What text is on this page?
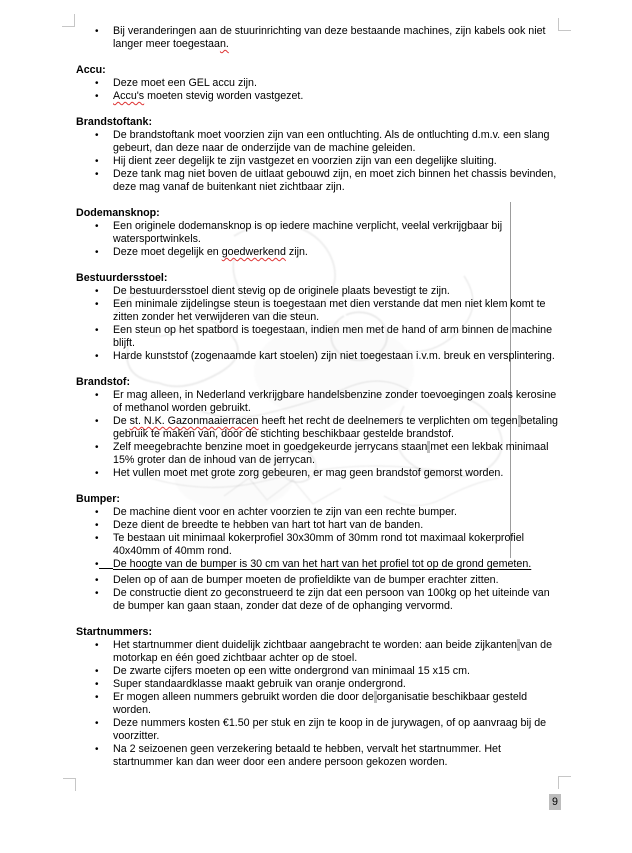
• Bij veranderingen aan de stuurinrichting van deze bestaande machines, zijn kabels ook niet langer meer toegestaan.
Accu:
• Deze moet een GEL accu zijn.
• Accu's moeten stevig worden vastgezet.
Brandstoftank:
• De brandstoftank moet voorzien zijn van een ontluchting. Als de ontluchting d.m.v. een slang gebeurt, dan deze naar de onderzijde van de machine geleiden.
• Hij dient zeer degelijk te zijn vastgezet en voorzien zijn van een degelijke sluiting.
• Deze tank mag niet boven de uitlaat gebouwd zijn, en moet zich binnen het chassis bevinden, deze mag vanaf de buitenkant niet zichtbaar zijn.
Dodemansknop:
• Een originele dodemansknop is op iedere machine verplicht, veelal verkrijgbaar bij watersportwinkels.
• Deze moet degelijk en goedwerkend zijn.
Bestuurdersstoel:
• De bestuurdersstoel dient stevig op de originele plaats bevestigt te zijn.
• Een minimale zijdelingse steun is toegestaan met dien verstande dat men niet klem komt te zitten zonder het verwijderen van die steun.
• Een steun op het spatbord is toegestaan, indien men met de hand of arm binnen de machine blijft.
• Harde kunststof (zogenaamde kart stoelen) zijn niet toegestaan i.v.m. breuk en versplintering.
Brandstof:
• Er mag alleen, in Nederland verkrijgbare handelsbenzine zonder toevoegingen zoals kerosine of methanol worden gebruikt.
• De st. N.K. Gazonmaaierracen heeft het recht de deelnemers te verplichten om tegen betaling gebruik te maken van, door de stichting beschikbaar gestelde brandstof.
• Zelf meegebrachte benzine moet in goedgekeurde jerrycans staan met een lekbak minimaal 15% groter dan de inhoud van de jerrycan.
• Het vullen moet met grote zorg gebeuren, er mag geen brandstof gemorst worden.
Bumper:
• De machine dient voor en achter voorzien te zijn van een rechte bumper.
• Deze dient de breedte te hebben van hart tot hart van de banden.
• Te bestaan uit minimaal kokerprofiel 30x30mm of 30mm rond tot maximaal kokerprofiel 40x40mm of 40mm rond.
• De hoogte van de bumper is 30 cm van het hart van het profiel tot op de grond gemeten.
• Delen op of aan de bumper moeten de profieldikte van de bumper erachter zitten.
• De constructie dient zo geconstrueerd te zijn dat een persoon van 100kg op het uiteinde van de bumper kan gaan staan, zonder dat deze of de ophanging vervormd.
Startnummers:
• Het startnummer dient duidelijk zichtbaar aangebracht te worden: aan beide zijkanten van de motorkap en één goed zichtbaar achter op de stoel.
• De zwarte cijfers moeten op een witte ondergrond van minimaal 15 x15 cm.
• Super standaardklasse maakt gebruik van oranje ondergrond.
• Er mogen alleen nummers gebruikt worden die door de organisatie beschikbaar gesteld worden.
• Deze nummers kosten €1.50 per stuk en zijn te koop in de jurywagen, of op aanvraag bij de voorzitter.
• Na 2 seizoenen geen verzekering betaald te hebben, vervalt het startnummer. Het startnummer kan dan weer door een andere persoon gekozen worden.
9
